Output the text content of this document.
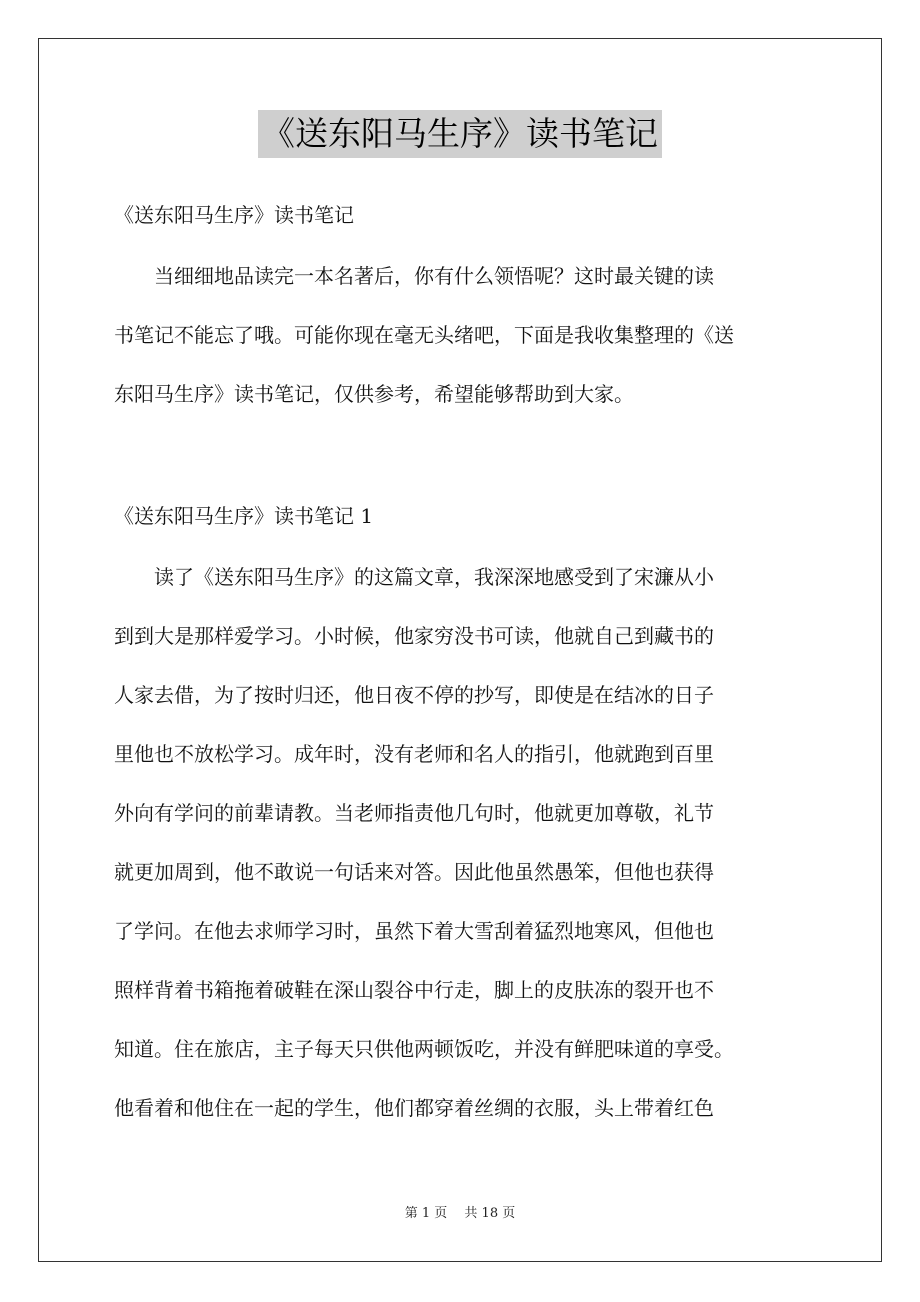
《送东阳马生序》读书笔记
《送东阳马生序》读书笔记
　　当细细地品读完一本名著后，你有什么领悟呢？这时最关键的读
书笔记不能忘了哦。可能你现在毫无头绪吧，下面是我收集整理的《送
东阳马生序》读书笔记，仅供参考，希望能够帮助到大家。
《送东阳马生序》读书笔记 1
　　读了《送东阳马生序》的这篇文章，我深深地感受到了宋濂从小
到到大是那样爱学习。小时候，他家穷没书可读，他就自己到藏书的
人家去借，为了按时归还，他日夜不停的抄写，即使是在结冰的日子
里他也不放松学习。成年时，没有老师和名人的指引，他就跑到百里
外向有学问的前辈请教。当老师指责他几句时，他就更加尊敬，礼节
就更加周到，他不敢说一句话来对答。因此他虽然愚笨，但他也获得
了学问。在他去求师学习时，虽然下着大雪刮着猛烈地寒风，但他也
照样背着书箱拖着破鞋在深山裂谷中行走，脚上的皮肤冻的裂开也不
知道。住在旅店，主子每天只供他两顿饭吃，并没有鲜肥味道的享受。
他看着和他住在一起的学生，他们都穿着丝绸的衣服，头上带着红色
第 1 页　 共 18 页
